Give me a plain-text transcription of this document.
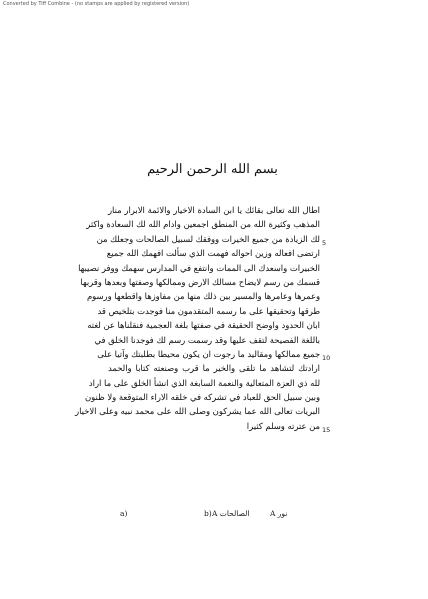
Converted by Tiff Combine - (no stamps are applied by registered version)
بسم الله الرحمن الرحيم
اطال الله تعالى بقائك يا ابن السادة الاخيار والائمة الابرار منار
المذهب وكثيرة الله من المنطق اجمعين وادام الله لك السعادة واكثر
لك الزيادة من جميع الخيرات ووفقك لسبيل الصالحات وجعلك من
ارتضى افعاله وزين احواله فهمت الذي سألت افهمك الله جميع
الخبيرات واسعدك الى الممات وانتفع في المدارس سهمك ووفر نصيبها
قسمك من رسم لايضاح مسالك الارض وممالكها وصفتها وبعدها وقربها
وعمرها وعامرها والمسير بين ذلك منها من مفاوزها واقطعها ورسوم
طرقها وتحقيقها على ما رسمه المتقدمون منا فوجدت بتلخيص قد
ابان الحدود واوضح الحقيقة في صفتها بلغة العجمية فنقلناها عن لغته
باللغة الفصيحة لتقف عليها وقد رسمت رسم لك فوجدنا الخلق في
جميع ممالكها ومقاليد ما رجوت ان يكون محيطا بطلبتك وآتيا على
ارادتك لتشاهد ما تلقى والخير ما قرب وصنعته كتابا والحمد
لله ذي العزة المتعالية والنعمة السابغة الذي انشأ الخلق على ما اراد
وبين سبيل الحق للعباد في تشركه في خلقه الاراء المتوقعة ولا ظنون
البريات تعالى الله عما يشركون وصلى الله على محمد نبيه وعلى الاخيار
من عترته وسلم كثيرا
5
10
15
a)	الصالحات A
b)	نور A
